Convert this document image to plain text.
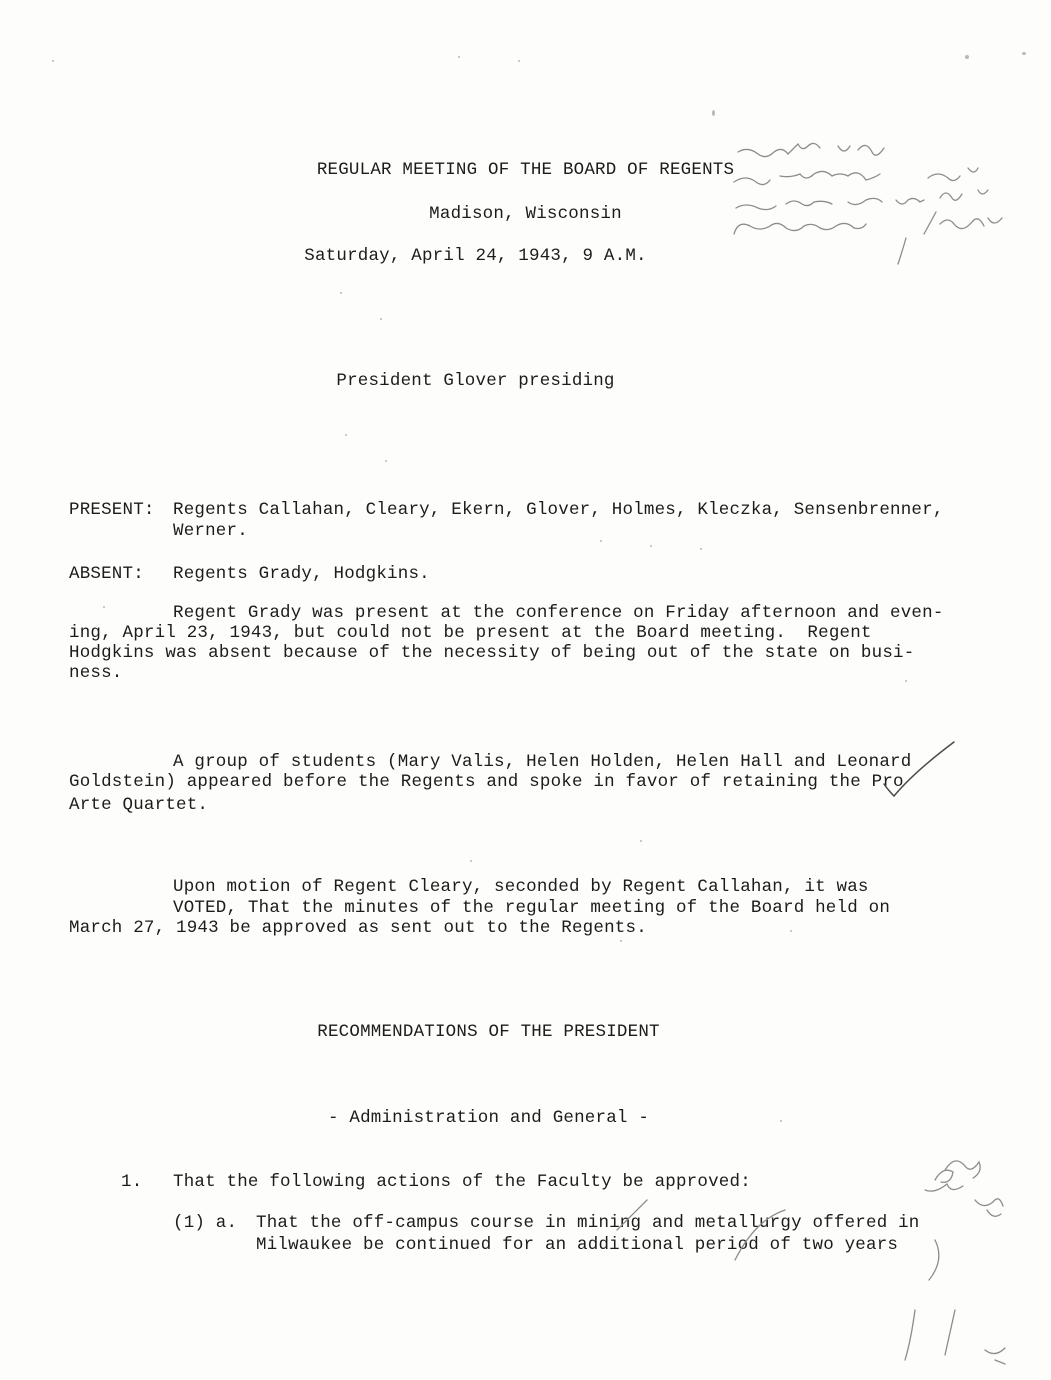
REGULAR MEETING OF THE BOARD OF REGENTS
Madison, Wisconsin
Saturday, April 24, 1943, 9 A.M.
President Glover presiding
PRESENT: Regents Callahan, Cleary, Ekern, Glover, Holmes, Kleczka, Sensenbrenner,
Werner.
ABSENT: Regents Grady, Hodgkins.
Regent Grady was present at the conference on Friday afternoon and even-
ing, April 23, 1943, but could not be present at the Board meeting.  Regent
Hodgkins was absent because of the necessity of being out of the state on busi-
ness.
A group of students (Mary Valis, Helen Holden, Helen Hall and Leonard
Goldstein) appeared before the Regents and spoke in favor of retaining the Pro
Arte Quartet.
Upon motion of Regent Cleary, seconded by Regent Callahan, it was
VOTED, That the minutes of the regular meeting of the Board held on
March 27, 1943 be approved as sent out to the Regents.
RECOMMENDATIONS OF THE PRESIDENT
- Administration and General -
1. That the following actions of the Faculty be approved:
(1) a. That the off-campus course in mining and metallurgy offered in
Milwaukee be continued for an additional period of two years
